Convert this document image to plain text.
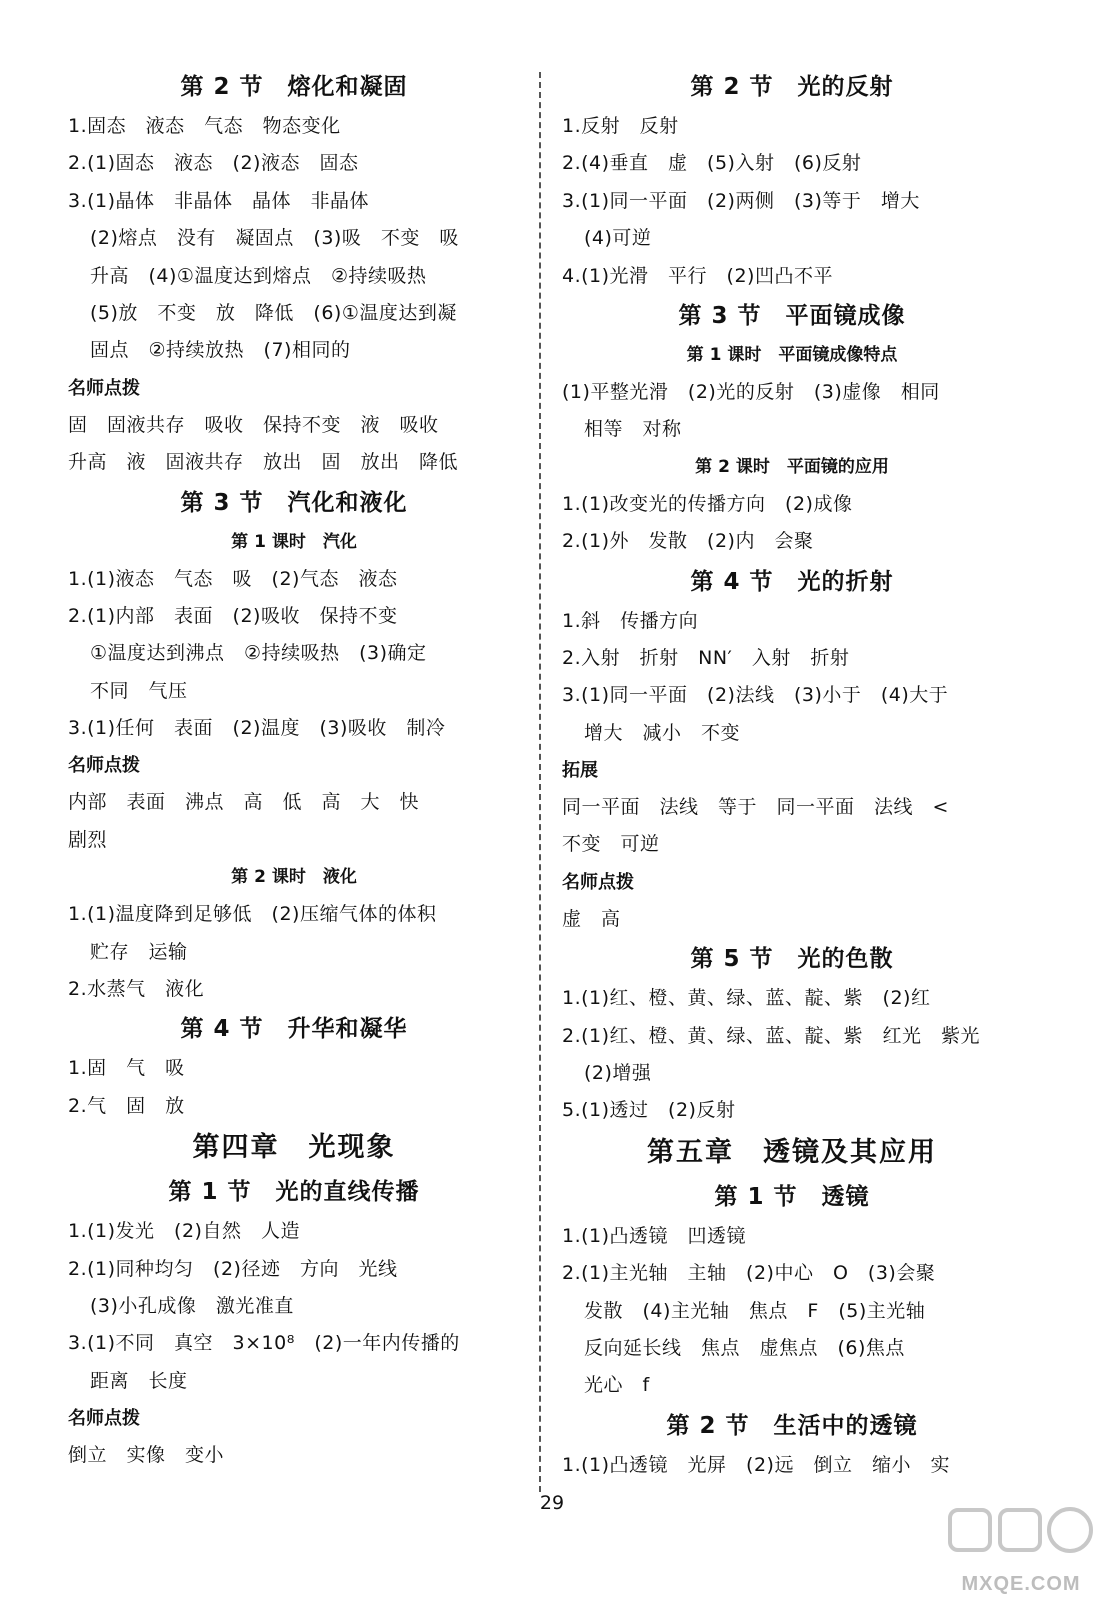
第 2 节　熔化和凝固
1.固态　液态　气态　物态变化
2.(1)固态　液态　(2)液态　固态
3.(1)晶体　非晶体　晶体　非晶体
(2)熔点　没有　凝固点　(3)吸　不变　吸
升高　(4)①温度达到熔点　②持续吸热
(5)放　不变　放　降低　(6)①温度达到凝
固点　②持续放热　(7)相同的
名师点拨
固　固液共存　吸收　保持不变　液　吸收
升高　液　固液共存　放出　固　放出　降低
第 3 节　汽化和液化
第 1 课时　汽化
1.(1)液态　气态　吸　(2)气态　液态
2.(1)内部　表面　(2)吸收　保持不变
①温度达到沸点　②持续吸热　(3)确定
不同　气压
3.(1)任何　表面　(2)温度　(3)吸收　制冷
名师点拨
内部　表面　沸点　高　低　高　大　快
剧烈
第 2 课时　液化
1.(1)温度降到足够低　(2)压缩气体的体积
贮存　运输
2.水蒸气　液化
第 4 节　升华和凝华
1.固　气　吸
2.气　固　放
第四章　光现象
第 1 节　光的直线传播
1.(1)发光　(2)自然　人造
2.(1)同种均匀　(2)径迹　方向　光线
(3)小孔成像　激光准直
3.(1)不同　真空　3×10⁸　(2)一年内传播的
距离　长度
名师点拨
倒立　实像　变小
第 2 节　光的反射
1.反射　反射
2.(4)垂直　虚　(5)入射　(6)反射
3.(1)同一平面　(2)两侧　(3)等于　增大
(4)可逆
4.(1)光滑　平行　(2)凹凸不平
第 3 节　平面镜成像
第 1 课时　平面镜成像特点
(1)平整光滑　(2)光的反射　(3)虚像　相同
相等　对称
第 2 课时　平面镜的应用
1.(1)改变光的传播方向　(2)成像
2.(1)外　发散　(2)内　会聚
第 4 节　光的折射
1.斜　传播方向
2.入射　折射　NN′　入射　折射
3.(1)同一平面　(2)法线　(3)小于　(4)大于
增大　减小　不变
拓展
同一平面　法线　等于　同一平面　法线　<
不变　可逆
名师点拨
虚　高
第 5 节　光的色散
1.(1)红、橙、黄、绿、蓝、靛、紫　(2)红
2.(1)红、橙、黄、绿、蓝、靛、紫　红光　紫光
(2)增强
5.(1)透过　(2)反射
第五章　透镜及其应用
第 1 节　透镜
1.(1)凸透镜　凹透镜
2.(1)主光轴　主轴　(2)中心　O　(3)会聚
发散　(4)主光轴　焦点　F　(5)主光轴
反向延长线　焦点　虚焦点　(6)焦点
光心　f
第 2 节　生活中的透镜
1.(1)凸透镜　光屏　(2)远　倒立　缩小　实
29
MXQE.COM
